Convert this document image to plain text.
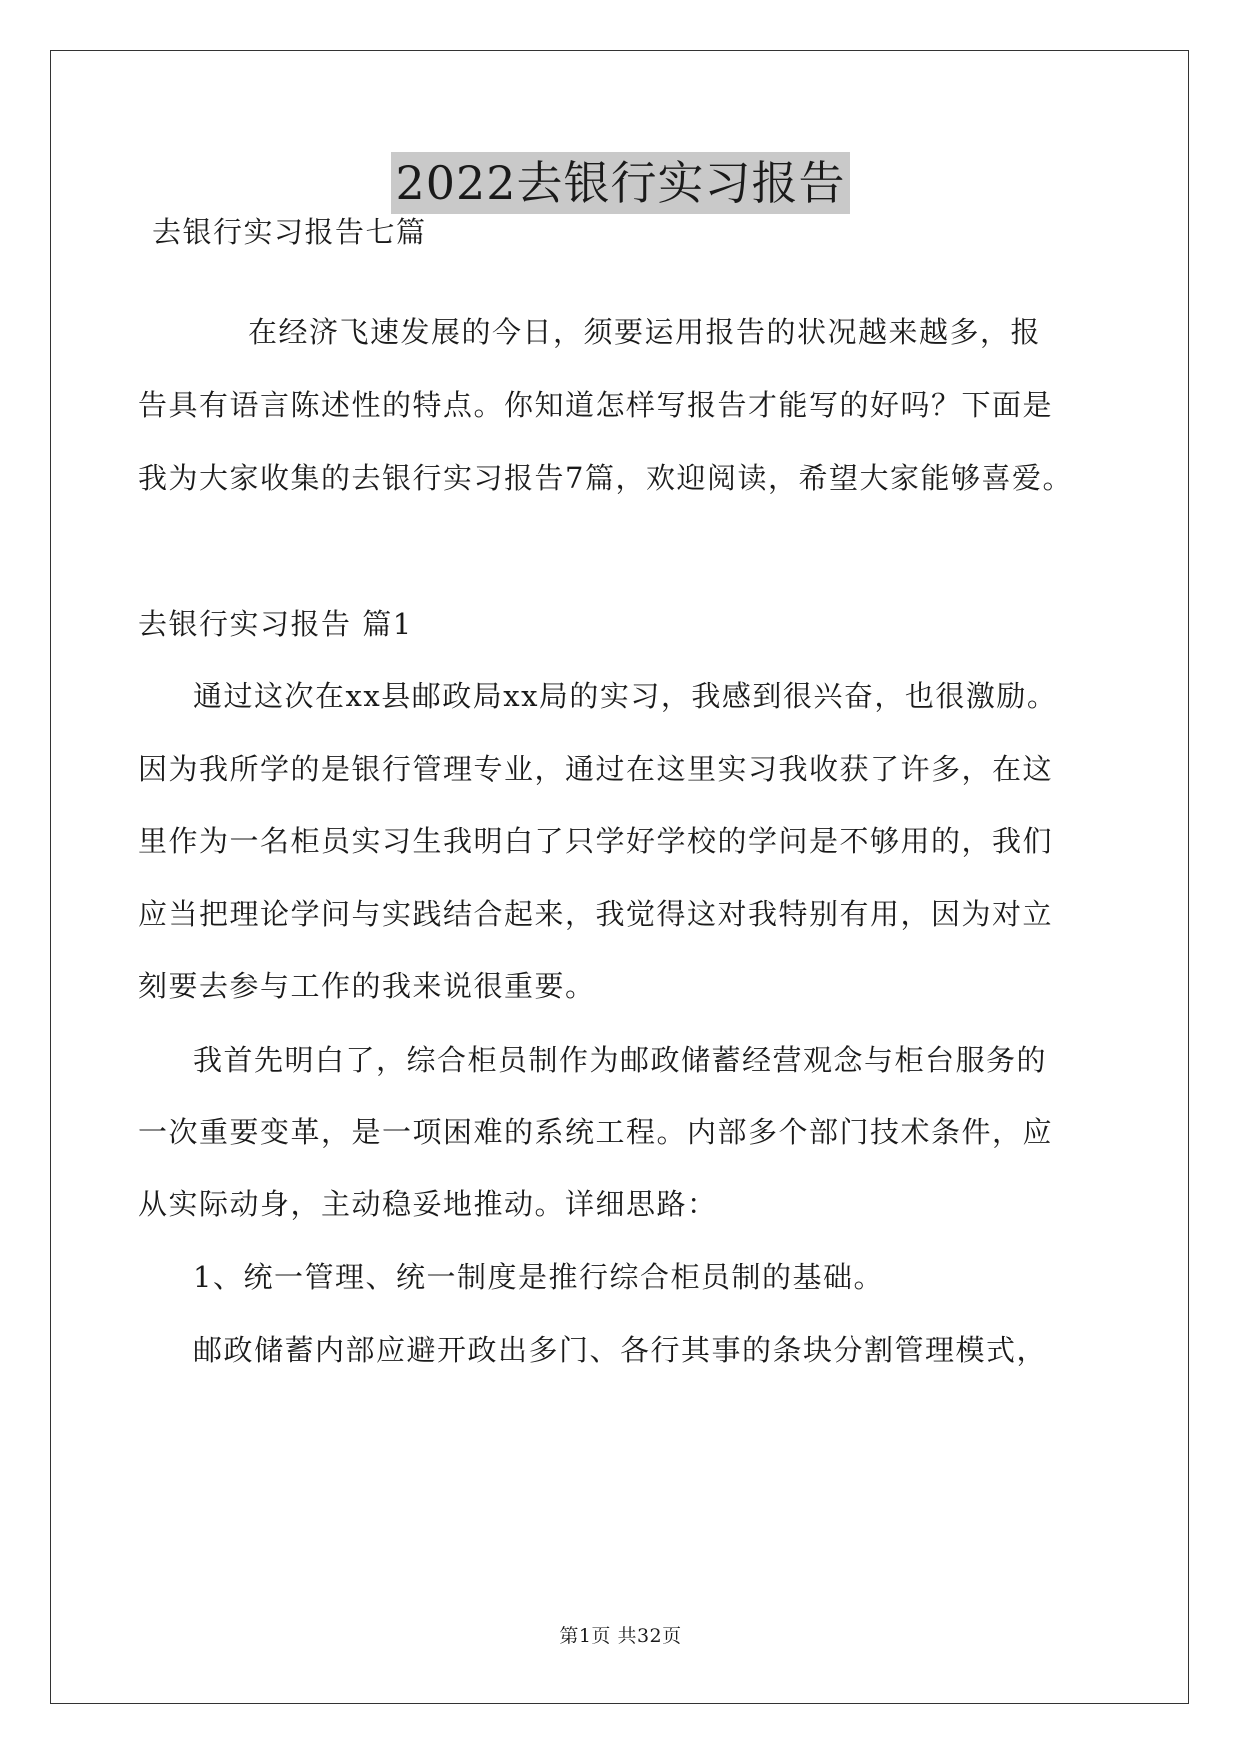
2022去银行实习报告
去银行实习报告七篇
在经济飞速发展的今日，须要运用报告的状况越来越多，报
告具有语言陈述性的特点。你知道怎样写报告才能写的好吗？下面是
我为大家收集的去银行实习报告7篇，欢迎阅读，希望大家能够喜爱。
去银行实习报告 篇1
通过这次在xx县邮政局xx局的实习，我感到很兴奋，也很激励。
因为我所学的是银行管理专业，通过在这里实习我收获了许多，在这
里作为一名柜员实习生我明白了只学好学校的学问是不够用的，我们
应当把理论学问与实践结合起来，我觉得这对我特别有用，因为对立
刻要去参与工作的我来说很重要。
我首先明白了，综合柜员制作为邮政储蓄经营观念与柜台服务的
一次重要变革，是一项困难的系统工程。内部多个部门技术条件，应
从实际动身，主动稳妥地推动。详细思路：
1、统一管理、统一制度是推行综合柜员制的基础。
邮政储蓄内部应避开政出多门、各行其事的条块分割管理模式，
第1页 共32页
